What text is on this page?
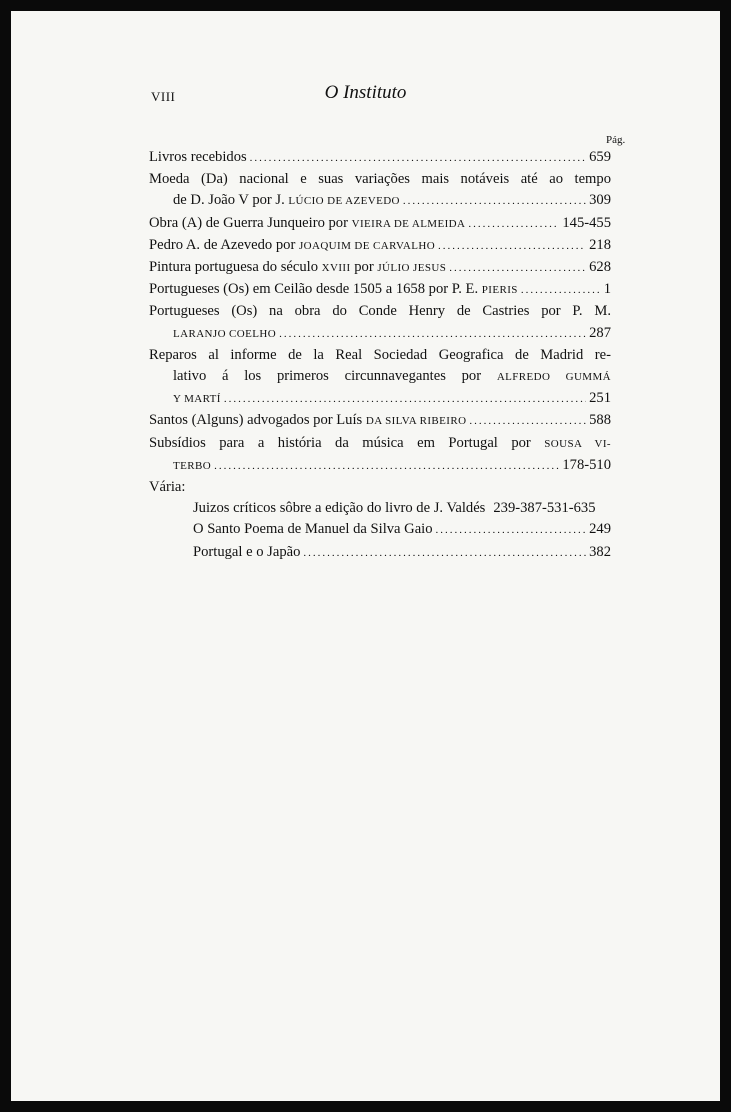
VIII	O Instituto
Pág.
Livros recebidos .....	659
Moeda (Da) nacional e suas variações mais notáveis até ao tempo
de D. João V por J. LÚCIO DE AZEVEDO .....	309
Obra (A) de Guerra Junqueiro por VIEIRA DE ALMEIDA .....	145-455
Pedro A. de Azevedo por JOAQUIM DE CARVALHO .....	218
Pintura portuguesa do século XVIII por JÚLIO JESUS .....	628
Portugueses (Os) em Ceilão desde 1505 a 1658 por P. E. PIERIS .....	1
Portugueses (Os) na obra do Conde Henry de Castries por P. M.
LARANJO COELHO .....	287
Reparos al informe de la Real Sociedad Geografica de Madrid re-
lativo á los primeros circunnavegantes por ALFREDO GUMMÁ
Y MARTÍ .....	251
Santos (Alguns) advogados por Luís DA SILVA RIBEIRO .....	588
Subsídios para a história da música em Portugal por SOUSA VI-
TERBO .....	178-510
Vária:
Juizos críticos sôbre a edição do livro de J. Valdés 239-387-531-635
O Santo Poema de Manuel da Silva Gaio .....	249
Portugal e o Japão .....	382
